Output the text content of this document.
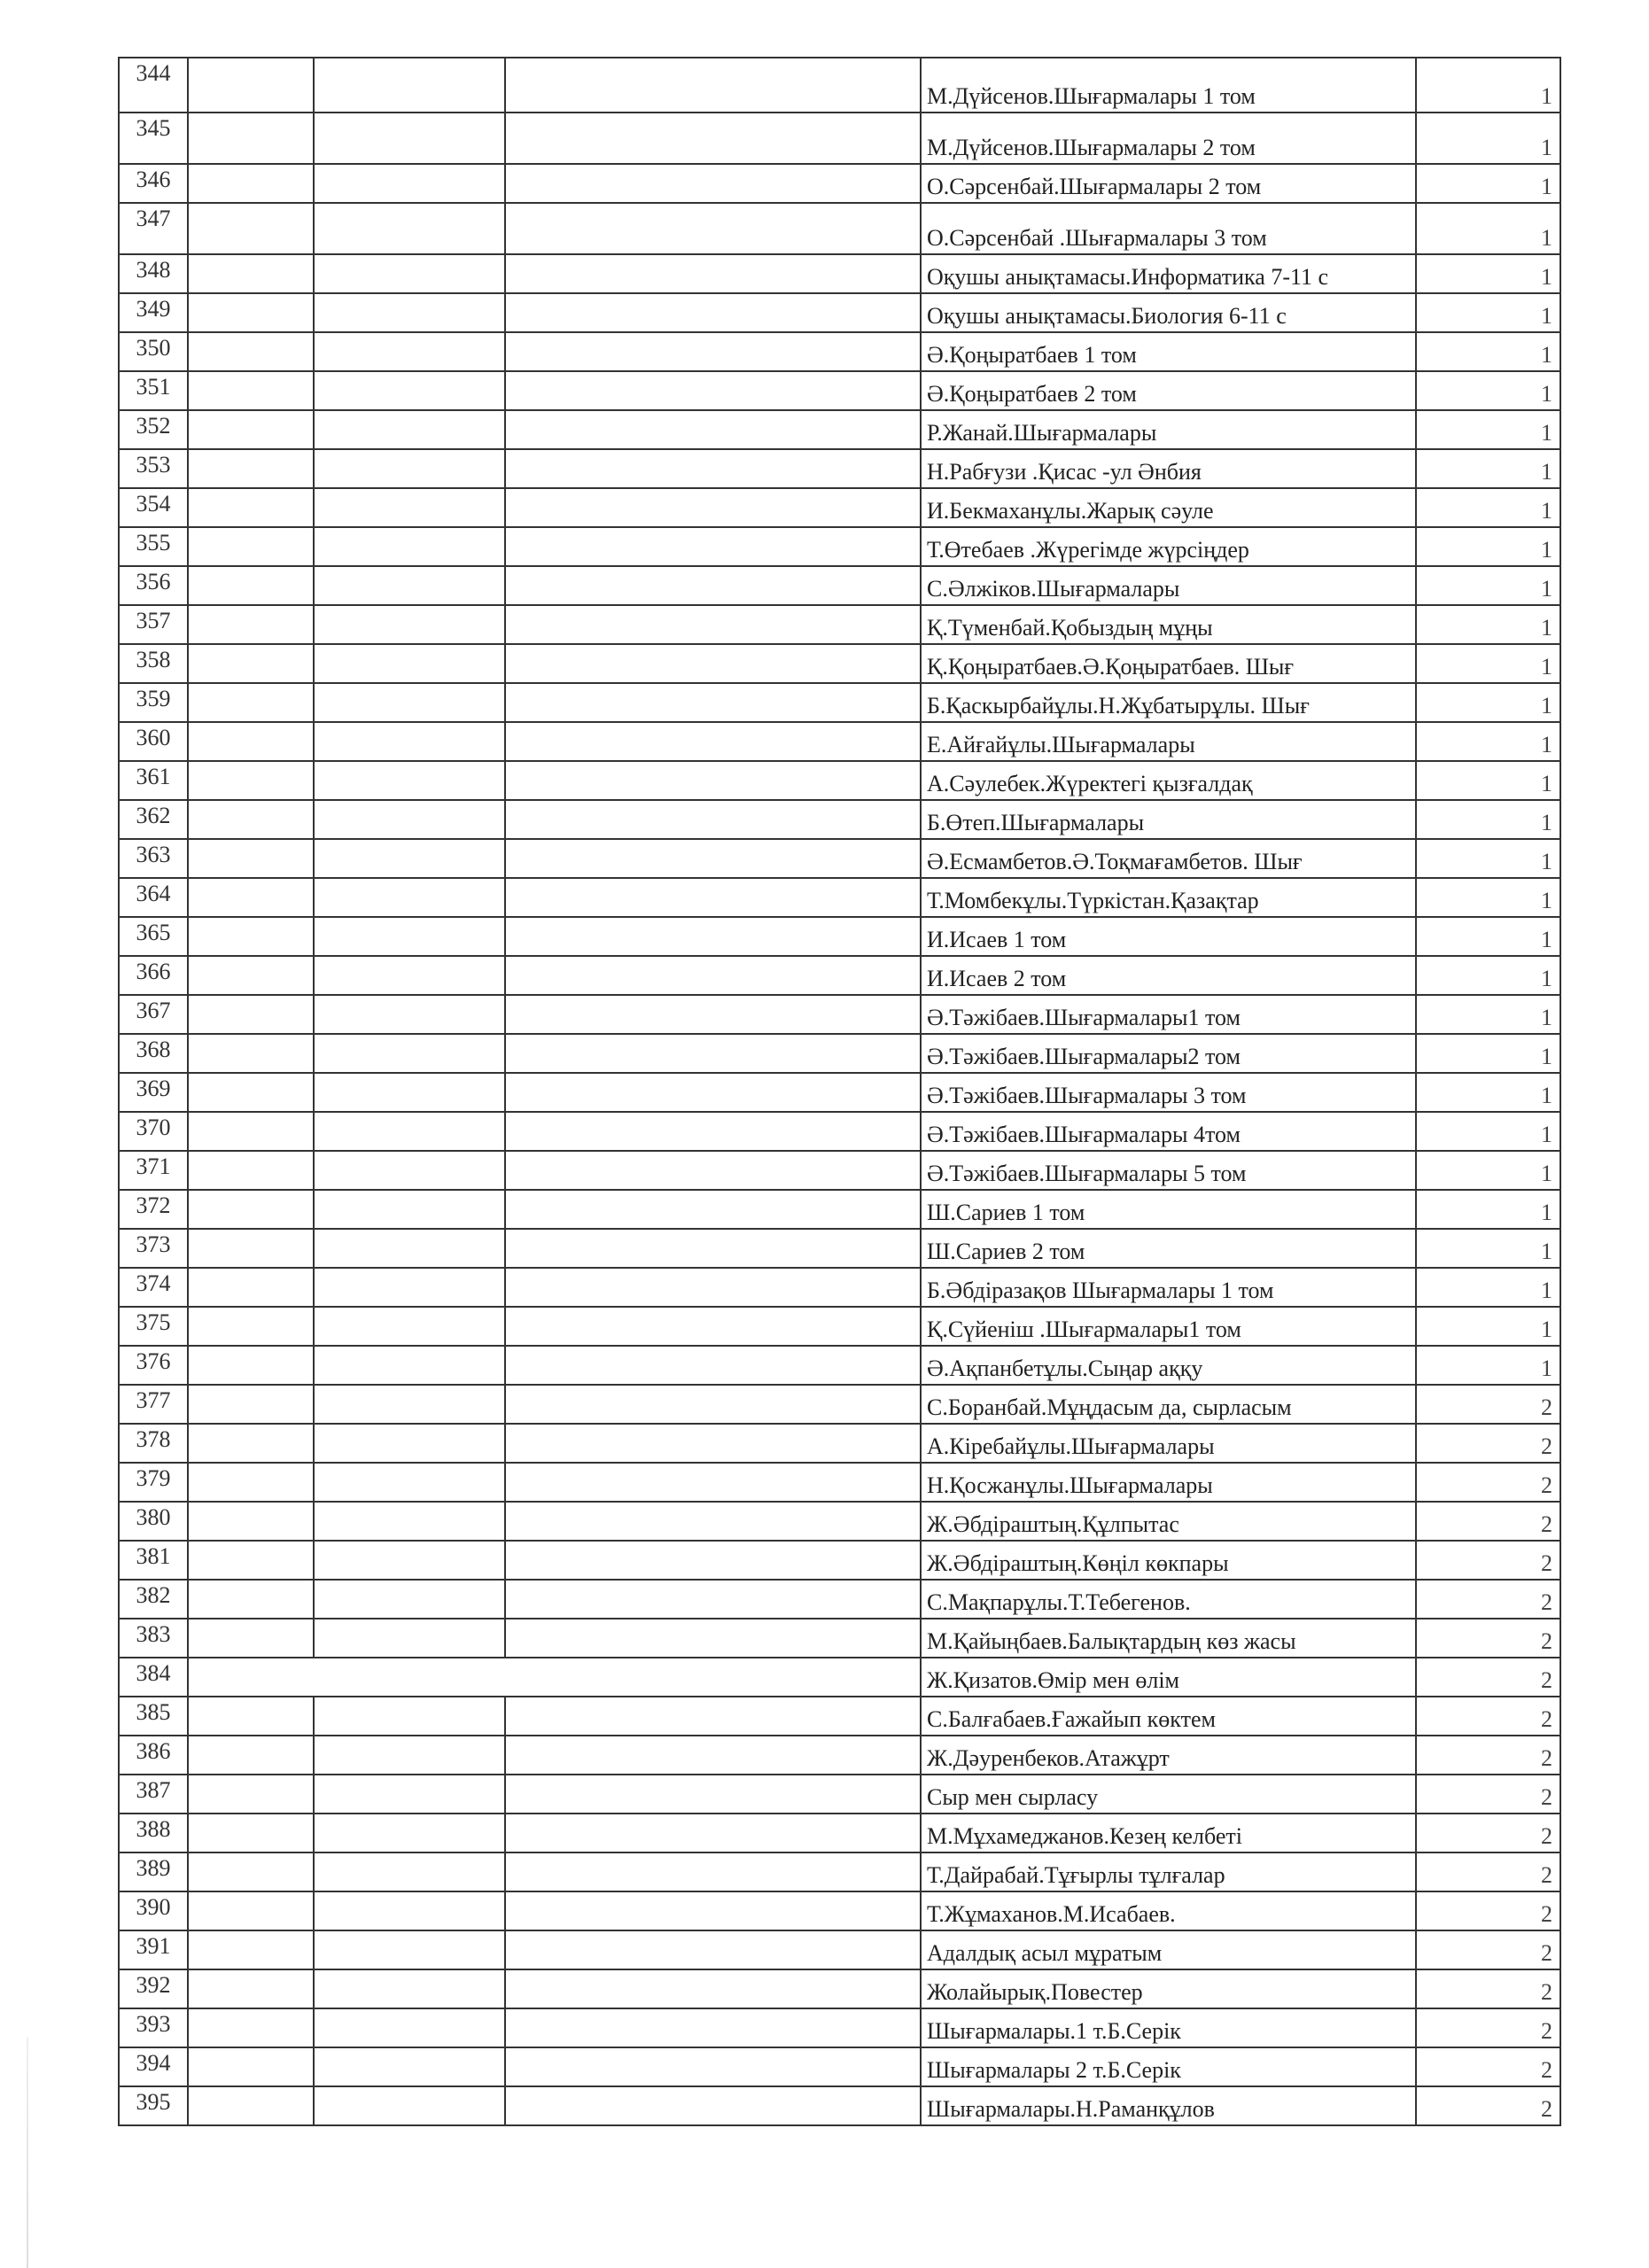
344				М.Дүйсенов.Шығармалары 1 том	1
345				М.Дүйсенов.Шығармалары 2 том	1
346				О.Сәрсенбай.Шығармалары 2 том	1
347				О.Сәрсенбай .Шығармалары 3 том	1
348				Оқушы анықтамасы.Информатика 7-11 с	1
349				Оқушы анықтамасы.Биология 6-11 с	1
350				Ә.Қоңыратбаев 1 том	1
351				Ә.Қоңыратбаев 2 том	1
352				Р.Жанай.Шығармалары	1
353				Н.Рабғузи .Қисас -ул Әнбия	1
354				И.Бекмаханұлы.Жарық сәуле	1
355				Т.Өтебаев .Жүрегімде жүрсіңдер	1
356				С.Әлжіков.Шығармалары	1
357				Қ.Түменбай.Қобыздың мұңы	1
358				Қ.Қоңыратбаев.Ә.Қоңыратбаев. Шығ	1
359				Б.Қаскырбайұлы.Н.Жұбатырұлы. Шығ	1
360				Е.Айғайұлы.Шығармалары	1
361				А.Сәулебек.Жүректегі қызғалдақ	1
362				Б.Өтеп.Шығармалары	1
363				Ә.Есмамбетов.Ә.Тоқмағамбетов. Шығ	1
364				Т.Момбекұлы.Түркістан.Қазақтар	1
365				И.Исаев 1 том	1
366				И.Исаев 2 том	1
367				Ә.Тәжібаев.Шығармалары1 том	1
368				Ә.Тәжібаев.Шығармалары2 том	1
369				Ә.Тәжібаев.Шығармалары 3 том	1
370				Ә.Тәжібаев.Шығармалары 4том	1
371				Ә.Тәжібаев.Шығармалары 5 том	1
372				Ш.Сариев 1 том	1
373				Ш.Сариев 2 том	1
374				Б.Әбдіразақов Шығармалары 1 том	1
375				Қ.Сүйеніш .Шығармалары1 том	1
376				Ә.Ақпанбетұлы.Сыңар аққу	1
377				С.Боранбай.Мұңдасым да, сырласым	2
378				А.Кіребайұлы.Шығармалары	2
379				Н.Қосжанұлы.Шығармалары	2
380				Ж.Әбдіраштың.Құлпытас	2
381				Ж.Әбдіраштың.Көңіл көкпары	2
382				С.Мақпарұлы.Т.Тебегенов.	2
383				М.Қайыңбаев.Балықтардың көз жасы	2
384				Ж.Қизатов.Өмір мен өлім	2
385				С.Балғабаев.Ғажайып көктем	2
386				Ж.Дәуренбеков.Атажұрт	2
387				Сыр мен сырласу	2
388				М.Мұхамеджанов.Кезең келбеті	2
389				Т.Дайрабай.Тұғырлы тұлғалар	2
390				Т.Жұмаханов.М.Исабаев.	2
391				Адалдық асыл мұратым	2
392				Жолайырық.Повестер	2
393				Шығармалары.1 т.Б.Серік	2
394				Шығармалары 2 т.Б.Серік	2
395				Шығармалары.Н.Раманқұлов	2
